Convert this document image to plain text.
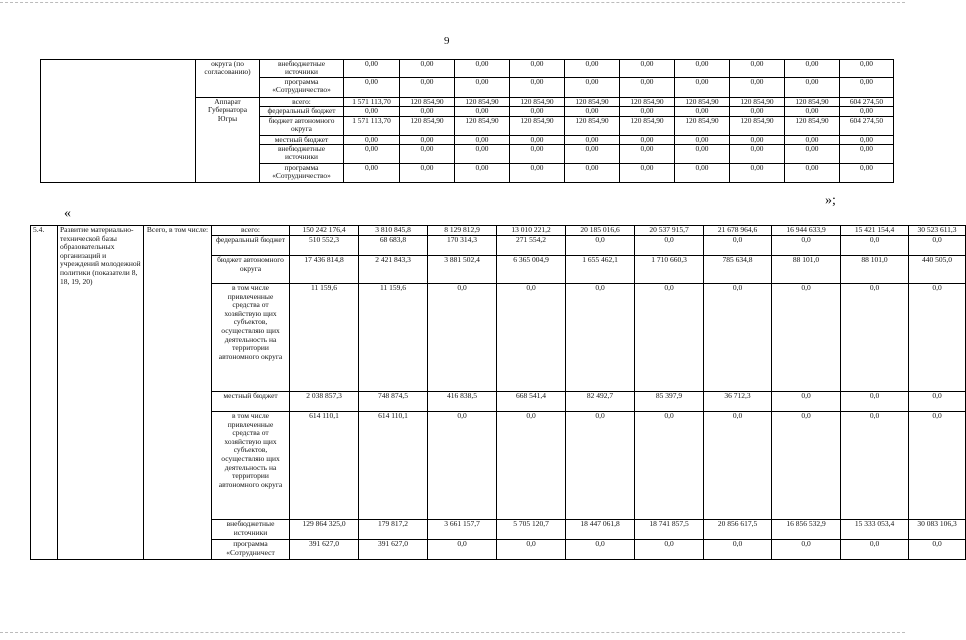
9
	округа (по согласованию)	внебюджетные источники	0,00	0,00	0,00	0,00	0,00	0,00	0,00	0,00	0,00	0,00
		программа «Сотрудничество»	0,00	0,00	0,00	0,00	0,00	0,00	0,00	0,00	0,00	0,00
	Аппарат Губернатора Югры	всего:	1 571 113,70	120 854,90	120 854,90	120 854,90	120 854,90	120 854,90	120 854,90	120 854,90	120 854,90	604 274,50
		федеральный бюджет	0,00	0,00	0,00	0,00	0,00	0,00	0,00	0,00	0,00	0,00
		бюджет автономного округа	1 571 113,70	120 854,90	120 854,90	120 854,90	120 854,90	120 854,90	120 854,90	120 854,90	120 854,90	604 274,50
		местный бюджет	0,00	0,00	0,00	0,00	0,00	0,00	0,00	0,00	0,00	0,00
		внебюджетные источники	0,00	0,00	0,00	0,00	0,00	0,00	0,00	0,00	0,00	0,00
		программа «Сотрудничество»	0,00	0,00	0,00	0,00	0,00	0,00	0,00	0,00	0,00	0,00
»;
«
5.4.	Развитие материально-технической базы образовательных организаций и учреждений молодежной политики (показатели 8, 18, 19, 20)	Всего, в том числе:	всего:	150 242 176,4	3 810 845,8	8 129 812,9	13 010 221,2	20 185 016,6	20 537 915,7	21 678 964,6	16 944 633,9	15 421 154,4	30 523 611,3
			федеральный бюджет	510 552,3	68 683,8	170 314,3	271 554,2	0,0	0,0	0,0	0,0	0,0	0,0
			бюджет автономного округа	17 436 814,8	2 421 843,3	3 881 502,4	6 365 004,9	1 655 462,1	1 710 660,3	785 634,8	88 101,0	88 101,0	440 505,0
			в том числе привлеченные средства от хозяйствую щих субъектов, осуществляю щих деятельность на территории автономного округа	11 159,6	11 159,6	0,0	0,0	0,0	0,0	0,0	0,0	0,0	0,0
			местный бюджет	2 038 857,3	748 874,5	416 838,5	668 541,4	82 492,7	85 397,9	36 712,3	0,0	0,0	0,0
			в том числе привлеченные средства от хозяйствую щих субъектов, осуществляю щих деятельность на территории автономного округа	614 110,1	614 110,1	0,0	0,0	0,0	0,0	0,0	0,0	0,0	0,0
			внебюджетные источники	129 864 325,0	179 817,2	3 661 157,7	5 705 120,7	18 447 061,8	18 741 857,5	20 856 617,5	16 856 532,9	15 333 053,4	30 083 106,3
			программа «Сотрудничест	391 627,0	391 627,0	0,0	0,0	0,0	0,0	0,0	0,0	0,0	0,0
